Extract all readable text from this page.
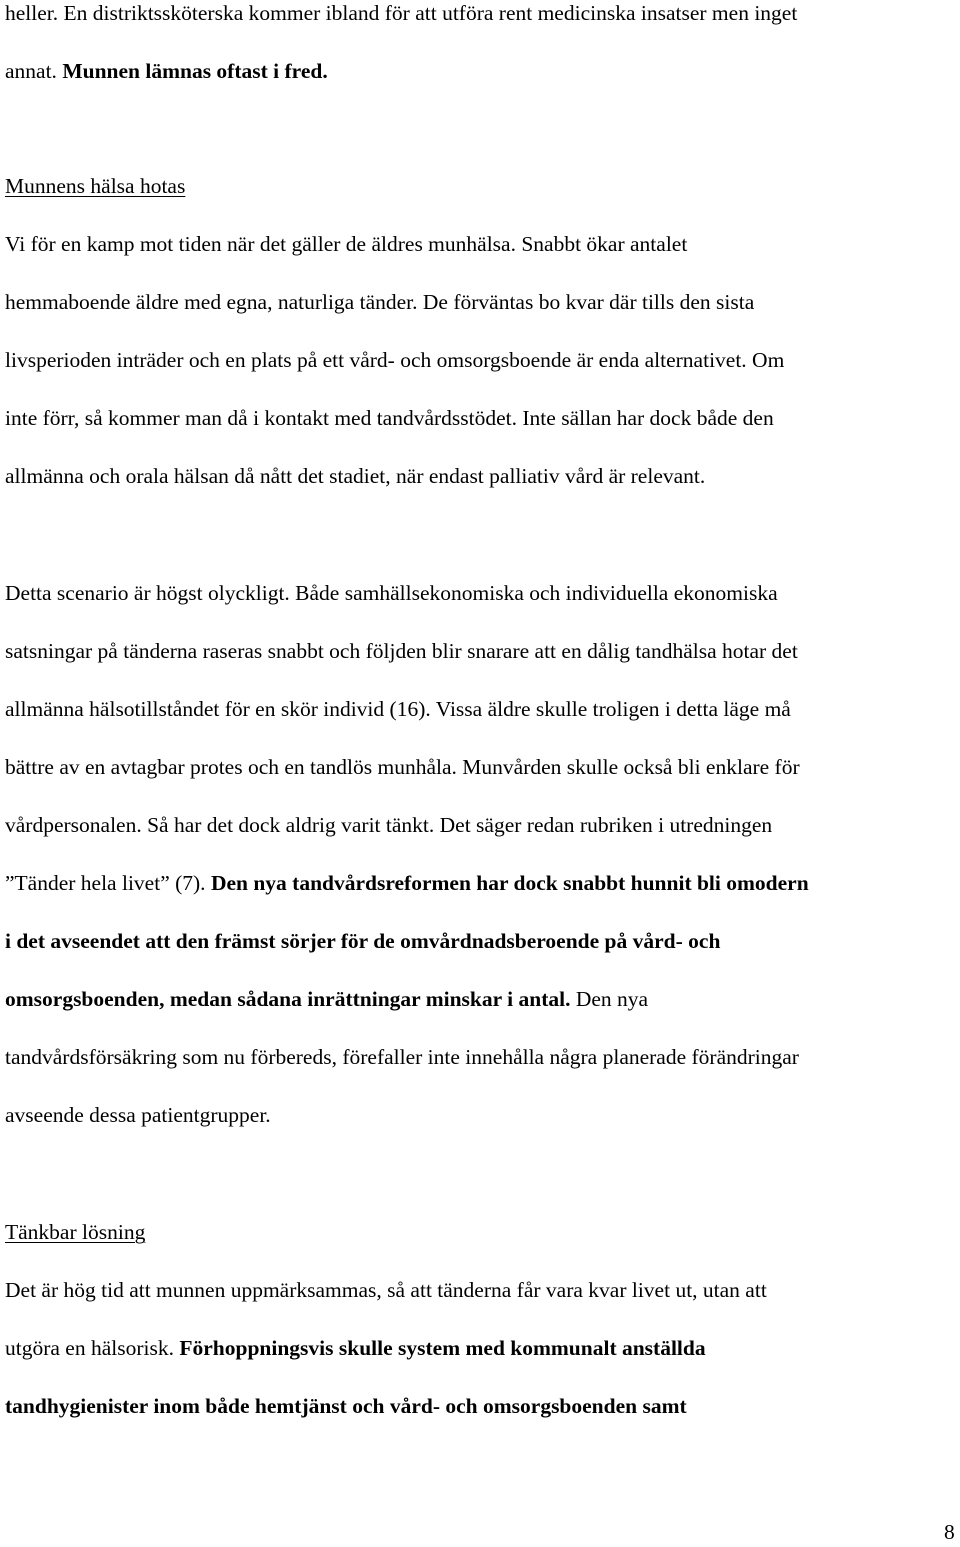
heller. En distriktssköterska kommer ibland för att utföra rent medicinska insatser men inget
annat. Munnen lämnas oftast i fred.
Munnens hälsa hotas
Vi för en kamp mot tiden när det gäller de äldres munhälsa. Snabbt ökar antalet
hemmaboende äldre med egna, naturliga tänder. De förväntas bo kvar där tills den sista
livsperioden inträder och en plats på ett vård- och omsorgsboende är enda alternativet. Om
inte förr, så kommer man då i kontakt med tandvårdsstödet. Inte sällan har dock både den
allmänna och orala hälsan då nått det stadiet, när endast palliativ vård är relevant.
Detta scenario är högst olyckligt. Både samhällsekonomiska och individuella ekonomiska
satsningar på tänderna raseras snabbt och följden blir snarare att en dålig tandhälsa hotar det
allmänna hälsotillståndet för en skör individ (16). Vissa äldre skulle troligen i detta läge må
bättre av en avtagbar protes och en tandlös munhåla. Munvården skulle också bli enklare för
vårdpersonalen. Så har det dock aldrig varit tänkt. Det säger redan rubriken i utredningen
”Tänder hela livet” (7). Den nya tandvårdsreformen har dock snabbt hunnit bli omodern
i det avseendet att den främst sörjer för de omvårdnadsberoende på vård- och
omsorgsboenden, medan sådana inrättningar minskar i antal. Den nya
tandvårdsförsäkring som nu förbereds, förefaller inte innehålla några planerade förändringar
avseende dessa patientgrupper.
Tänkbar lösning
Det är hög tid att munnen uppmärksammas, så att tänderna får vara kvar livet ut, utan att
utgöra en hälsorisk. Förhoppningsvis skulle system med kommunalt anställda
tandhygienister inom både hemtjänst och vård- och omsorgsboenden samt
8
